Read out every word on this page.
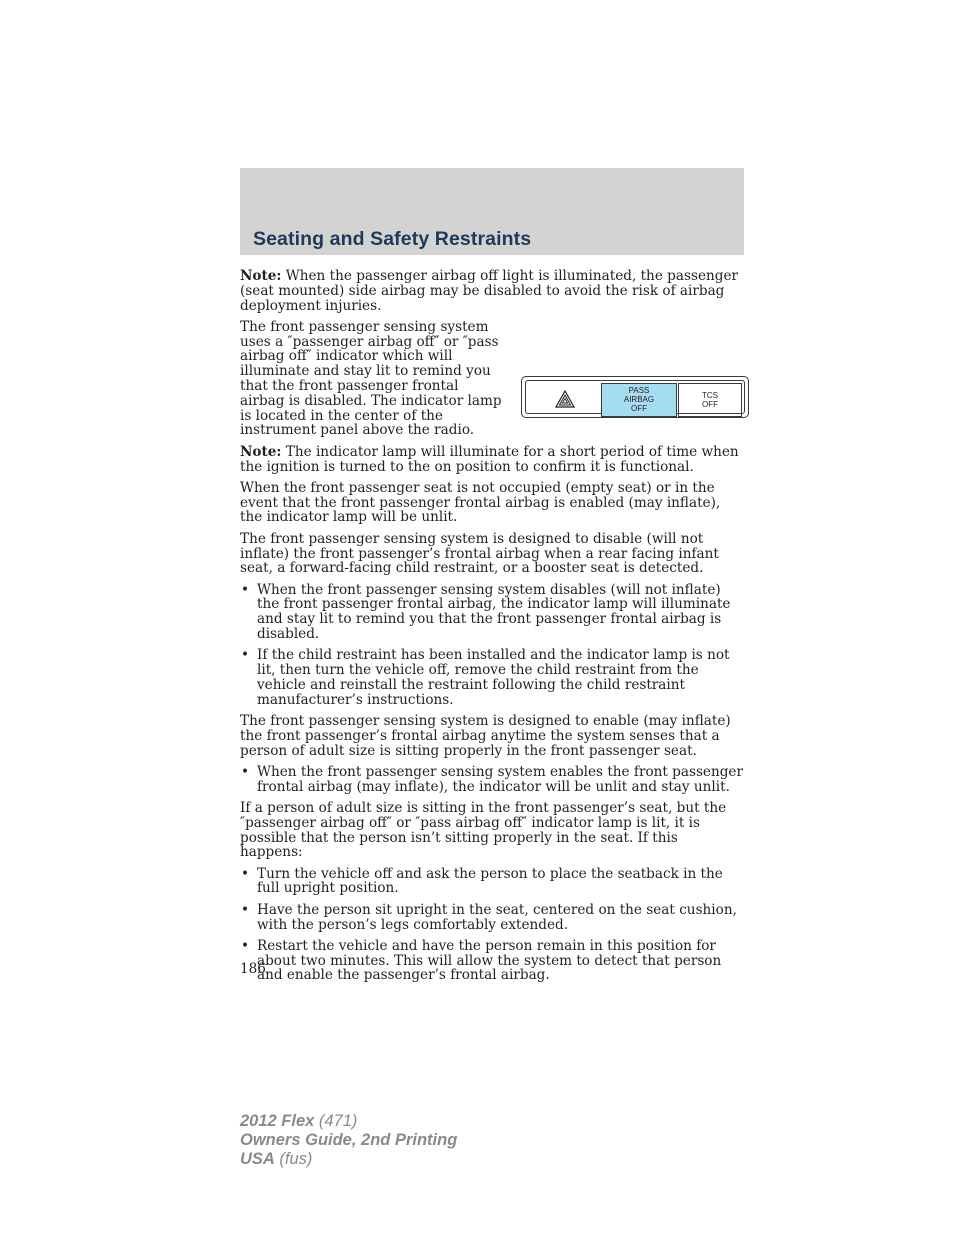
Seating and Safety Restraints

Note: When the passenger airbag off light is illuminated, the passenger (seat mounted) side airbag may be disabled to avoid the risk of airbag deployment injuries.

PASS
AIRBAG
OFF
TCS
OFF

The front passenger sensing system uses a ″passenger airbag off″ or ″pass airbag off″ indicator which will illuminate and stay lit to remind you that the front passenger frontal airbag is disabled. The indicator lamp is located in the center of the instrument panel above the radio.

Note: The indicator lamp will illuminate for a short period of time when the ignition is turned to the on position to confirm it is functional.

When the front passenger seat is not occupied (empty seat) or in the event that the front passenger frontal airbag is enabled (may inflate), the indicator lamp will be unlit.

The front passenger sensing system is designed to disable (will not inflate) the front passenger’s frontal airbag when a rear facing infant seat, a forward-facing child restraint, or a booster seat is detected.

• When the front passenger sensing system disables (will not inflate) the front passenger frontal airbag, the indicator lamp will illuminate and stay lit to remind you that the front passenger frontal airbag is disabled.
• If the child restraint has been installed and the indicator lamp is not lit, then turn the vehicle off, remove the child restraint from the vehicle and reinstall the restraint following the child restraint manufacturer’s instructions.

The front passenger sensing system is designed to enable (may inflate) the front passenger’s frontal airbag anytime the system senses that a person of adult size is sitting properly in the front passenger seat.

• When the front passenger sensing system enables the front passenger frontal airbag (may inflate), the indicator will be unlit and stay unlit.

If a person of adult size is sitting in the front passenger’s seat, but the ″passenger airbag off″ or ″pass airbag off″ indicator lamp is lit, it is possible that the person isn’t sitting properly in the seat. If this happens:

• Turn the vehicle off and ask the person to place the seatback in the full upright position.
• Have the person sit upright in the seat, centered on the seat cushion, with the person’s legs comfortably extended.
• Restart the vehicle and have the person remain in this position for about two minutes. This will allow the system to detect that person and enable the passenger’s frontal airbag.
186
2012 Flex (471)
Owners Guide, 2nd Printing
USA (fus)
